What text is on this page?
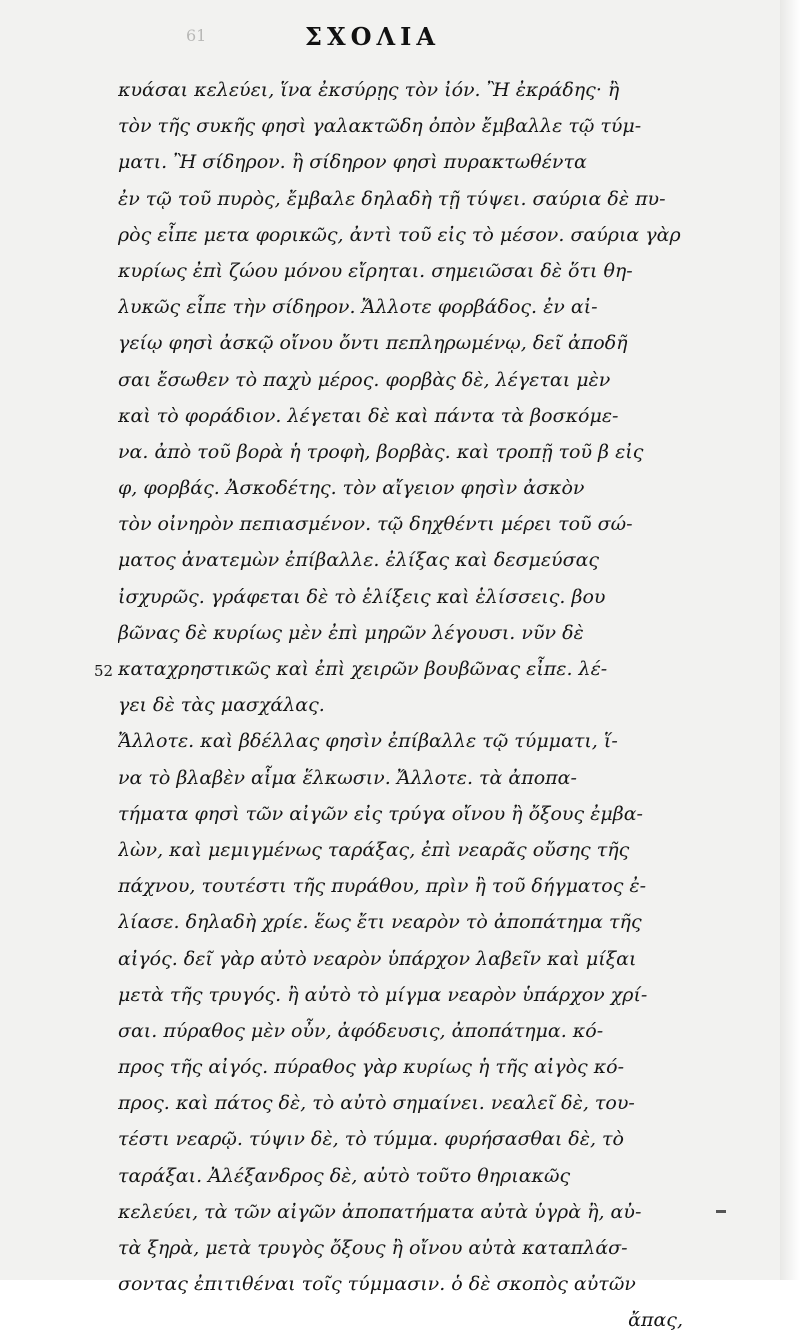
61	ΣΧΟΛΙΑ
52
κυάσαι κελεύει, ἵνα ἐκσύρῃς τὸν ἰόν. Ἢ ἐκράδης· ἢ
τὸν τῆς συκῆς φησὶ γαλακτῶδη ὀπὸν ἔμβαλλε τῷ τύμ-
ματι. Ἢ σίδηρον. ἢ σίδηρον φησὶ πυρακτωθέντα
ἐν τῷ τοῦ πυρὸς, ἔμβαλε δηλαδὴ τῇ τύψει. σαύρια δὲ πυ-
ρὸς εἶπε μετα φορικῶς, ἀντὶ τοῦ εἰς τὸ μέσον. σαύρια γὰρ
κυρίως ἐπὶ ζώου μόνου εἴρηται. σημειῶσαι δὲ ὅτι θη-
λυκῶς εἶπε τὴν σίδηρον. Ἄλλοτε φορβάδος. ἐν αἰ-
γείῳ φησὶ ἀσκῷ οἴνου ὄντι πεπληρωμένῳ, δεῖ ἀποδῆ
σαι ἔσωθεν τὸ παχὺ μέρος. φορβὰς δὲ, λέγεται μὲν
καὶ τὸ φοράδιον. λέγεται δὲ καὶ πάντα τὰ βοσκόμε-
να. ἀπὸ τοῦ βορὰ ἡ τροφὴ, βορβὰς. καὶ τροπῇ τοῦ β εἰς
φ, φορβάς. Ἀσκοδέτης. τὸν αἴγειον φησὶν ἀσκὸν
τὸν οἰνηρὸν πεπιασμένον. τῷ δηχθέντι μέρει τοῦ σώ-
ματος ἀνατεμὼν ἐπίβαλλε. ἐλίξας καὶ δεσμεύσας
ἰσχυρῶς. γράφεται δὲ τὸ ἑλίξεις καὶ ἑλίσσεις. βου
βῶνας δὲ κυρίως μὲν ἐπὶ μηρῶν λέγουσι. νῦν δὲ
καταχρηστικῶς καὶ ἐπὶ χειρῶν βουβῶνας εἶπε. λέ-
γει δὲ τὰς μασχάλας.
Ἄλλοτε. καὶ βδέλλας φησὶν ἐπίβαλλε τῷ τύμματι, ἵ-
να τὸ βλαβὲν αἷμα ἕλκωσιν. Ἄλλοτε. τὰ ἀποπα-
τήματα φησὶ τῶν αἰγῶν εἰς τρύγα οἴνου ἢ ὄξους ἐμβα-
λὼν, καὶ μεμιγμένως ταράξας, ἐπὶ νεαρᾶς οὔσης τῆς
πάχνου, τουτέστι τῆς πυράθου, πρὶν ἢ τοῦ δήγματος ἐ-
λίασε. δηλαδὴ χρίε. ἕως ἔτι νεαρὸν τὸ ἀποπάτημα τῆς
αἰγός. δεῖ γὰρ αὐτὸ νεαρὸν ὑπάρχον λαβεῖν καὶ μίξαι
μετὰ τῆς τρυγός. ἢ αὐτὸ τὸ μίγμα νεαρὸν ὑπάρχον χρί-
σαι. πύραθος μὲν οὖν, ἀφόδευσις, ἀποπάτημα. κό-
προς τῆς αἰγός. πύραθος γὰρ κυρίως ἡ τῆς αἰγὸς κό-
προς. καὶ πάτος δὲ, τὸ αὐτὸ σημαίνει. νεαλεῖ δὲ, του-
τέστι νεαρῷ. τύψιν δὲ, τὸ τύμμα. φυρήσασθαι δὲ, τὸ
ταράξαι. Ἀλέξανδρος δὲ, αὐτὸ τοῦτο θηριακῶς
κελεύει, τὰ τῶν αἰγῶν ἀποπατήματα αὐτὰ ὑγρὰ ἢ, αὐ-
τὰ ξηρὰ, μετὰ τρυγὸς ὄξους ἢ οἴνου αὐτὰ καταπλάσ-
σοντας ἐπιτιθέναι τοῖς τύμμασιν. ὁ δὲ σκοπὸς αὐτῶν
ἄπας,
